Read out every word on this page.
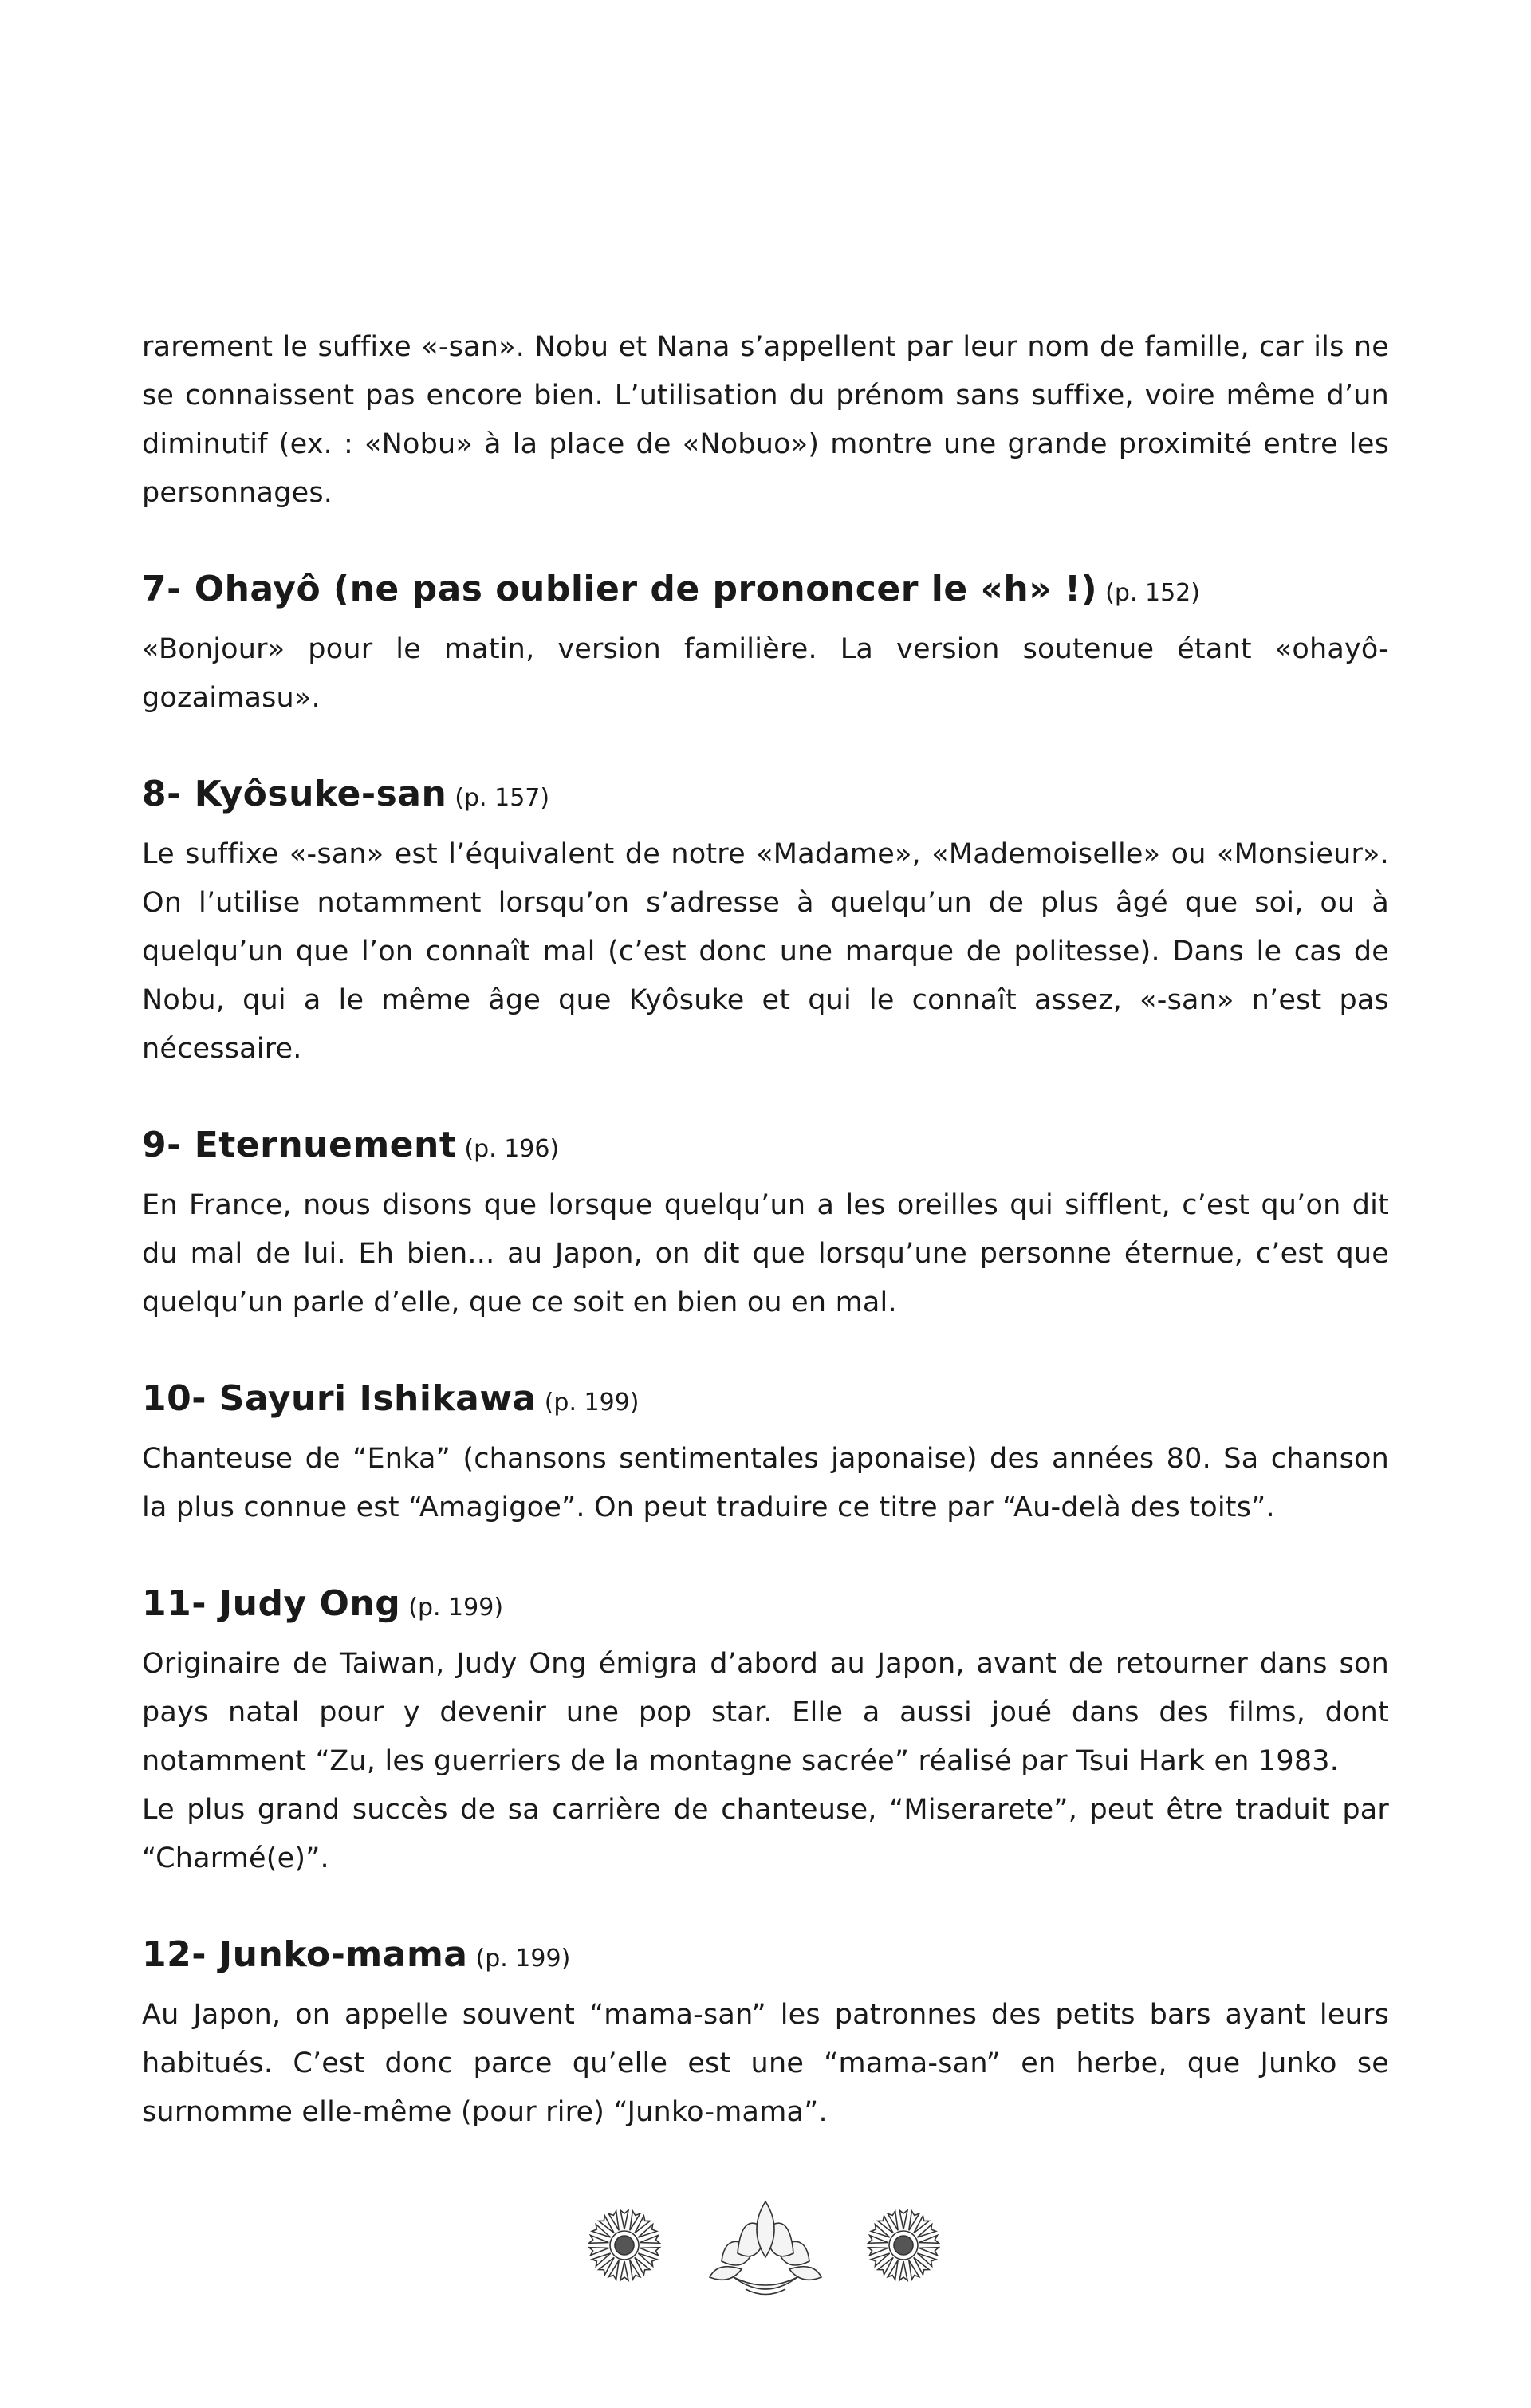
rarement le suffixe «-san». Nobu et Nana s’appellent par leur nom de famille, car ils ne se connaissent pas encore bien. L’utilisation du prénom sans suffixe, voire même d’un diminutif (ex. : «Nobu» à la place de «Nobuo») montre une grande proximité entre les personnages.

7- Ohayô (ne pas oublier de prononcer le «h» !) (p. 152)

«Bonjour» pour le matin, version familière. La version soutenue étant «ohayô-gozaimasu».

8- Kyôsuke-san (p. 157)

Le suffixe «-san» est l’équivalent de notre «Madame», «Mademoiselle» ou «Monsieur». On l’utilise notamment lorsqu’on s’adresse à quelqu’un de plus âgé que soi, ou à quelqu’un que l’on connaît mal (c’est donc une marque de politesse). Dans le cas de Nobu, qui a le même âge que Kyôsuke et qui le connaît assez, «-san» n’est pas nécessaire.

9- Eternuement (p. 196)

En France, nous disons que lorsque quelqu’un a les oreilles qui sifflent, c’est qu’on dit du mal de lui. Eh bien... au Japon, on dit que lorsqu’une personne éternue, c’est que quelqu’un parle d’elle, que ce soit en bien ou en mal.

10- Sayuri Ishikawa (p. 199)

Chanteuse de “Enka” (chansons sentimentales japonaise) des années 80. Sa chanson la plus connue est “Amagigoe”. On peut traduire ce titre par “Au-delà des toits”.

11- Judy Ong (p. 199)

Originaire de Taiwan, Judy Ong émigra d’abord au Japon, avant de retourner dans son pays natal pour y devenir une pop star. Elle a aussi joué dans des films, dont notamment “Zu, les guerriers de la montagne sacrée” réalisé par Tsui Hark en 1983.

Le plus grand succès de sa carrière de chanteuse, “Miserarete”, peut être traduit par “Charmé(e)”.

12- Junko-mama (p. 199)

Au Japon, on appelle souvent “mama-san” les patronnes des petits bars ayant leurs habitués. C’est donc parce qu’elle est une “mama-san” en herbe, que Junko se surnomme elle-même (pour rire) “Junko-mama”.
